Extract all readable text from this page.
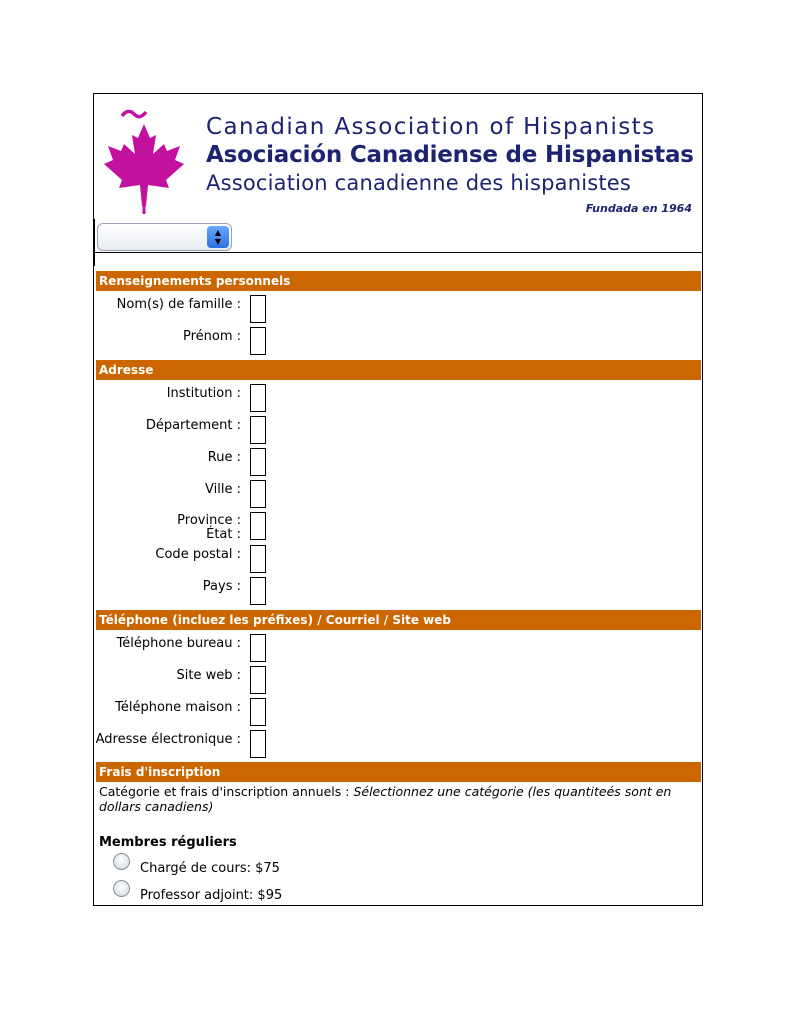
Canadian Association of Hispanists
Asociación Canadiense de Hispanistas
Association canadienne des hispanistes
Fundada en 1964
▲
▼
Renseignements personnels
Nom(s) de famille :
Prénom :
Adresse
Institution :
Département :
Rue :
Ville :
Province :
État :
Code postal :
Pays :
Téléphone (incluez les préfixes) / Courriel / Site web
Téléphone bureau :
Site web :
Téléphone maison :
Adresse électronique :
Frais d'inscription
Catégorie et frais d'inscription annuels : Sélectionnez une catégorie (les quantiteés sont en dollars canadiens)
Membres réguliers
Chargé de cours: $75
Professor adjoint: $95
